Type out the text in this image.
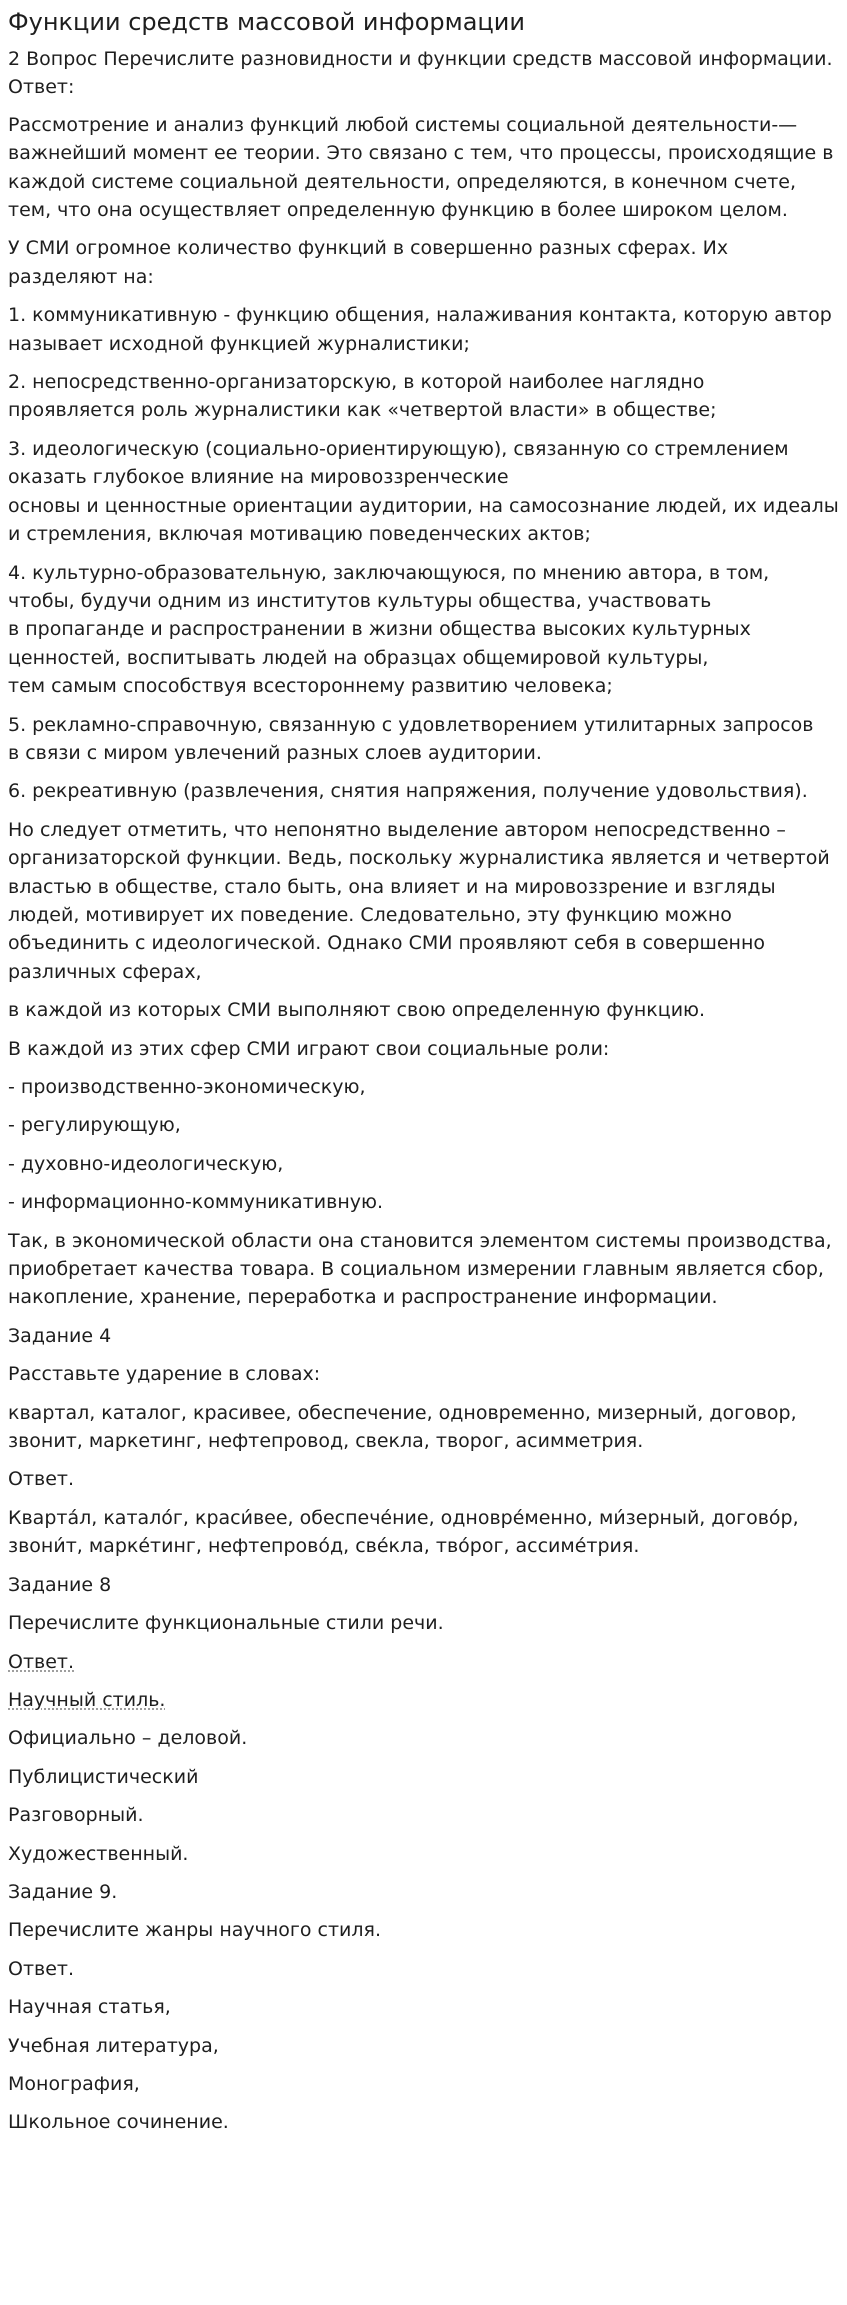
Функции средств массовой информации
2 Вопрос Перечислите разновидности и функции средств массовой информации.
Ответ:
Рассмотрение и анализ функций любой системы социальной деятельности-—
важнейший момент ее теории. Это связано с тем, что процессы, происходящие в
каждой системе социальной деятельности, определяются, в конечном счете,
тем, что она осуществляет определенную функцию в более широком целом.
У СМИ огромное количество функций в совершенно разных сферах. Их
разделяют на:
1. коммуникативную - функцию общения, налаживания контакта, которую автор
называет исходной функцией журналистики;
2. непосредственно-организаторскую, в которой наиболее наглядно
проявляется роль журналистики как «четвертой власти» в обществе;
3. идеологическую (социально-ориентирующую), связанную со стремлением
оказать глубокое влияние на мировоззренческие
основы и ценностные ориентации аудитории, на самосознание людей, их идеалы
и стремления, включая мотивацию поведенческих актов;
4. культурно-образовательную, заключающуюся, по мнению автора, в том,
чтобы, будучи одним из институтов культуры общества, участвовать
в пропаганде и распространении в жизни общества высоких культурных
ценностей, воспитывать людей на образцах общемировой культуры,
тем самым способствуя всестороннему развитию человека;
5. рекламно-справочную, связанную с удовлетворением утилитарных запросов
в связи с миром увлечений разных слоев аудитории.
6. рекреативную (развлечения, снятия напряжения, получение удовольствия).
Но следует отметить, что непонятно выделение автором непосредственно –
организаторской функции. Ведь, поскольку журналистика является и четвертой
властью в обществе, стало быть, она влияет и на мировоззрение и взгляды
людей, мотивирует их поведение. Следовательно, эту функцию можно
объединить с идеологической. Однако СМИ проявляют себя в совершенно
различных сферах,
в каждой из которых СМИ выполняют свою определенную функцию.
В каждой из этих сфер СМИ играют свои социальные роли:
- производственно-экономическую,
- регулирующую,
- духовно-идеологическую,
- информационно-коммуникативную.
Так, в экономической области она становится элементом системы производства,
приобретает качества товара. В социальном измерении главным является сбор,
накопление, хранение, переработка и распространение информации.
Задание 4
Расставьте ударение в словах:
квартал, каталог, красивее, обеспечение, одновременно, мизерный, договор,
звонит, маркетинг, нефтепровод, свекла, творог, асимметрия.
Ответ.
Кварта́л, катало́г, краси́вее, обеспече́ние, одновре́менно, ми́зерный, догово́р,
звони́т, марке́тинг, нефтепрово́д, све́кла, тво́рог, ассиме́трия.
Задание 8
Перечислите функциональные стили речи.
Ответ.
Научный стиль.
Официально – деловой.
Публицистический
Разговорный.
Художественный.
Задание 9.
Перечислите жанры научного стиля.
Ответ.
Научная статья,
Учебная литература,
Монография,
Школьное сочинение.
